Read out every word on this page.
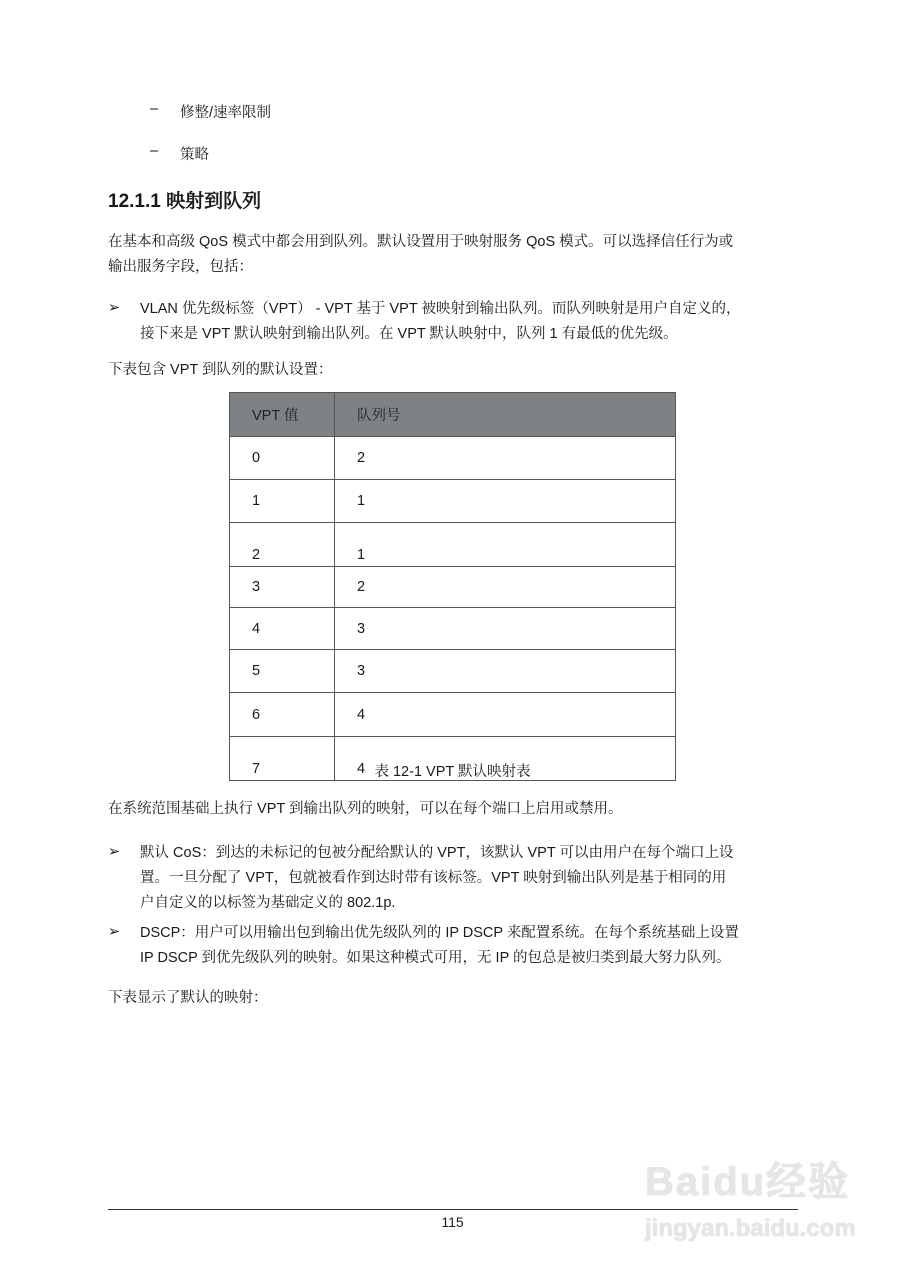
– 修整/速率限制
– 策略
12.1.1 映射到队列
在基本和高级 QoS 模式中都会用到队列。默认设置用于映射服务 QoS 模式。可以选择信任行为或
输出服务字段，包括：
➢ VLAN 优先级标签（VPT） - VPT 基于 VPT 被映射到输出队列。而队列映射是用户自定义的，
接下来是 VPT 默认映射到输出队列。在 VPT 默认映射中，队列 1 有最低的优先级。
下表包含 VPT 到队列的默认设置：
VPT 值	队列号
0	2
1	1
2	1
3	2
4	3
5	3
6	4
7	4 表 12-1 VPT 默认映射表
在系统范围基础上执行 VPT 到输出队列的映射，可以在每个端口上启用或禁用。
➢ 默认 CoS：到达的未标记的包被分配给默认的 VPT，该默认 VPT 可以由用户在每个端口上设
置。一旦分配了 VPT，包就被看作到达时带有该标签。VPT 映射到输出队列是基于相同的用
户自定义的以标签为基础定义的 802.1p.
➢ DSCP：用户可以用输出包到输出优先级队列的 IP DSCP 来配置系统。在每个系统基础上设置
IP DSCP 到优先级队列的映射。如果这种模式可用，无 IP 的包总是被归类到最大努力队列。
下表显示了默认的映射：
Baidu经验
jingyan.baidu.com
115
